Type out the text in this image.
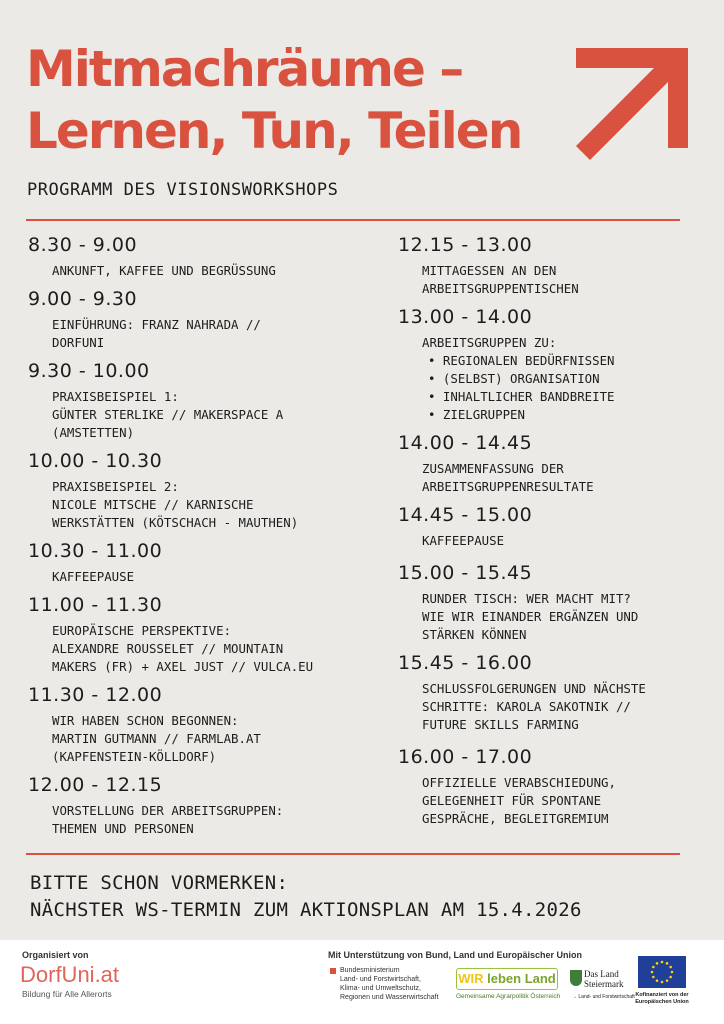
Mitmachräume –
Lernen, Tun, Teilen
PROGRAMM DES VISIONSWORKSHOPS
8.30 - 9.00
ANKUNFT, KAFFEE UND BEGRÜSSUNG
9.00 - 9.30
EINFÜHRUNG: FRANZ NAHRADA //
DORFUNI
9.30 - 10.00
PRAXISBEISPIEL 1:
GÜNTER STERLIKE // MAKERSPACE A
(AMSTETTEN)
10.00 - 10.30
PRAXISBEISPIEL 2:
NICOLE MITSCHE // KARNISCHE
WERKSTÄTTEN (KÖTSCHACH - MAUTHEN)
10.30 - 11.00
KAFFEEPAUSE
11.00 - 11.30
EUROPÄISCHE PERSPEKTIVE:
ALEXANDRE ROUSSELET // MOUNTAIN
MAKERS (FR) + AXEL JUST // VULCA.EU
11.30 - 12.00
WIR HABEN SCHON BEGONNEN:
MARTIN GUTMANN // FARMLAB.AT
(KAPFENSTEIN-KÖLLDORF)
12.00 - 12.15
VORSTELLUNG DER ARBEITSGRUPPEN:
THEMEN UND PERSONEN
12.15 - 13.00
MITTAGESSEN AN DEN
ARBEITSGRUPPENTISCHEN
13.00 - 14.00
ARBEITSGRUPPEN ZU:
• REGIONALEN BEDÜRFNISSEN
• (SELBST) ORGANISATION
• INHALTLICHER BANDBREITE
• ZIELGRUPPEN
14.00 - 14.45
ZUSAMMENFASSUNG DER
ARBEITSGRUPPENRESULTATE
14.45 - 15.00
KAFFEEPAUSE
15.00 - 15.45
RUNDER TISCH: WER MACHT MIT?
WIE WIR EINANDER ERGÄNZEN UND
STÄRKEN KÖNNEN
15.45 - 16.00
SCHLUSSFOLGERUNGEN UND NÄCHSTE
SCHRITTE: KAROLA SAKOTNIK //
FUTURE SKILLS FARMING
16.00 - 17.00
OFFIZIELLE VERABSCHIEDUNG,
GELEGENHEIT FÜR SPONTANE
GESPRÄCHE, BEGLEITGREMIUM
BITTE SCHON VORMERKEN:
NÄCHSTER WS-TERMIN ZUM AKTIONSPLAN AM 15.4.2026
Organisiert von
DorfUni.at
Bildung für Alle Allerorts
Mit Unterstützung von Bund, Land und Europäischer Union
Bundesministerium
Land- und Forstwirtschaft,
Klima- und Umweltschutz,
Regionen und Wasserwirtschaft
WIR leben Land
Gemeinsame Agrarpolitik Österreich
Das Land
Steiermark
→ Land- und Forstwirtschaft Kofinanziert von der
Europäischen Union
